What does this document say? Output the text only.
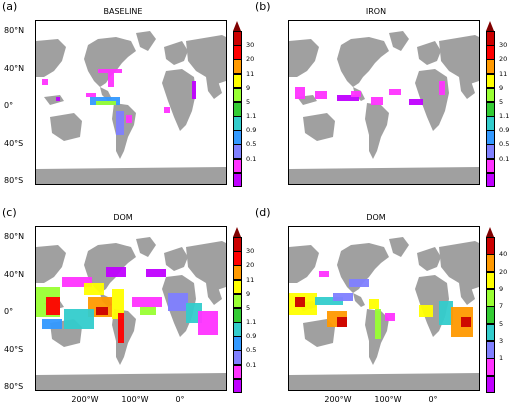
(a)	BASELINE
80°N
40°N
0°
40°S
80°S
30
20
11
9
5
1.1
0.9
0.5
0.1
(b)	IRON
30
20
11
9
5
1.1
0.9
0.5
0.1
(c)	DOM
80°N
40°N
0°
40°S
80°S
200°W	100°W	0°
30
20
11
9
5
1.1
0.9
0.5
0.1
(d)	DOM
200°W	100°W	0°
40
20
9
7
5
3
1
